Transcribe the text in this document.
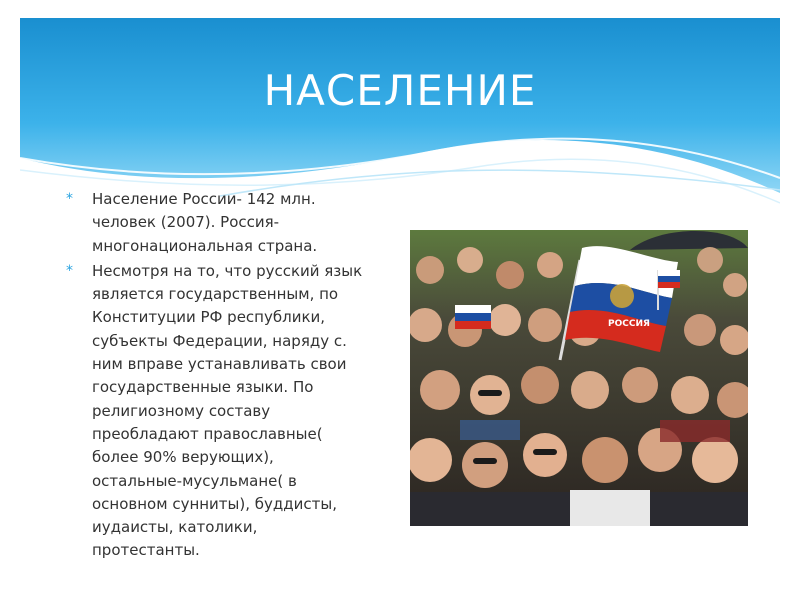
НАСЕЛЕНИЕ
* Население России- 142 млн. человек (2007). Россия- многонациональная страна.
* Несмотря на то, что русский язык является государственным, по Конституции РФ республики, субъекты Федерации, наряду с. ним вправе устанавливать свои государственные языки. По религиозному составу преобладают православные( более 90% верующих), остальные-мусульмане( в основном сунниты), буддисты, иудаисты, католики, протестанты.
РОССИЯ
